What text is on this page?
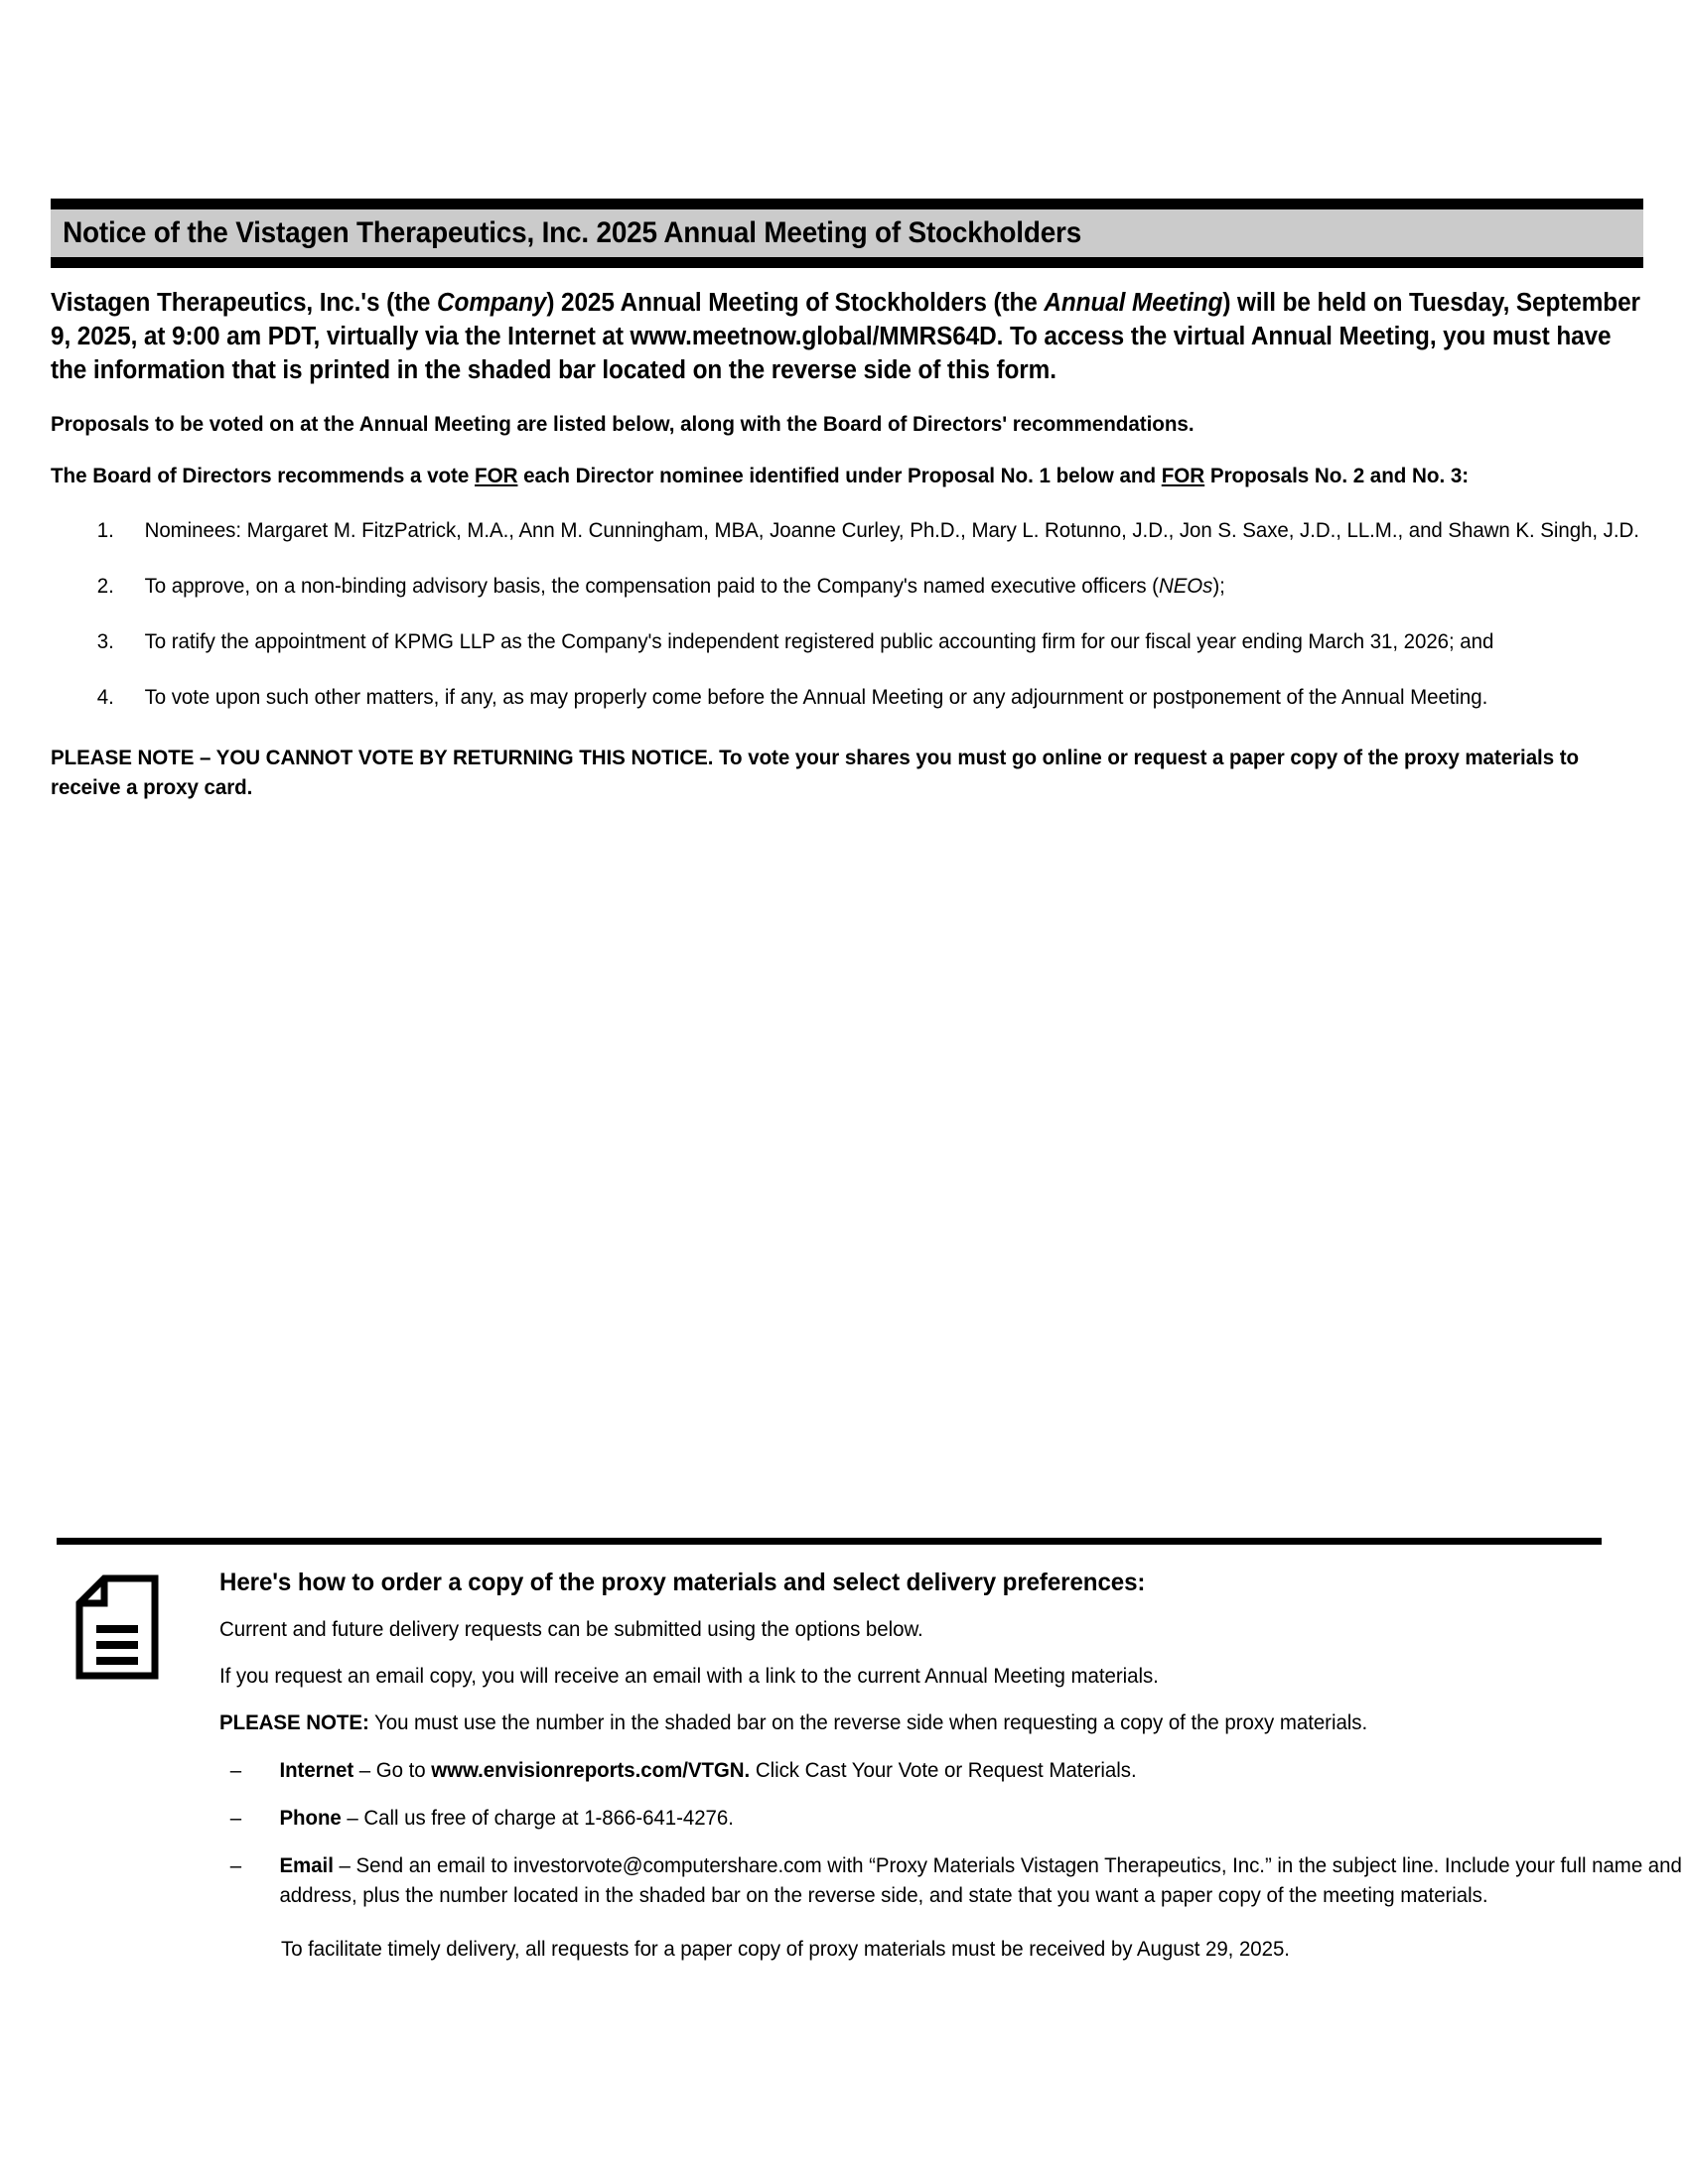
Notice of the Vistagen Therapeutics, Inc. 2025 Annual Meeting of Stockholders

Vistagen Therapeutics, Inc.'s (the Company) 2025 Annual Meeting of Stockholders (the Annual Meeting) will be held on Tuesday, September 9, 2025, at 9:00 am PDT, virtually via the Internet at www.meetnow.global/MMRS64D. To access the virtual Annual Meeting, you must have the information that is printed in the shaded bar located on the reverse side of this form.

Proposals to be voted on at the Annual Meeting are listed below, along with the Board of Directors' recommendations.

The Board of Directors recommends a vote FOR each Director nominee identified under Proposal No. 1 below and FOR Proposals No. 2 and No. 3:

1.	Nominees: Margaret M. FitzPatrick, M.A., Ann M. Cunningham, MBA, Joanne Curley, Ph.D., Mary L. Rotunno, J.D., Jon S. Saxe, J.D., LL.M., and Shawn K. Singh, J.D.
2.	To approve, on a non-binding advisory basis, the compensation paid to the Company's named executive officers (NEOs);
3.	To ratify the appointment of KPMG LLP as the Company's independent registered public accounting firm for our fiscal year ending March 31, 2026; and
4.	To vote upon such other matters, if any, as may properly come before the Annual Meeting or any adjournment or postponement of the Annual Meeting.

PLEASE NOTE – YOU CANNOT VOTE BY RETURNING THIS NOTICE. To vote your shares you must go online or request a paper copy of the proxy materials to receive a proxy card.

Here's how to order a copy of the proxy materials and select delivery preferences:
Current and future delivery requests can be submitted using the options below.
If you request an email copy, you will receive an email with a link to the current Annual Meeting materials.
PLEASE NOTE: You must use the number in the shaded bar on the reverse side when requesting a copy of the proxy materials.
– Internet – Go to www.envisionreports.com/VTGN. Click Cast Your Vote or Request Materials.
– Phone – Call us free of charge at 1-866-641-4276.
– Email – Send an email to investorvote@computershare.com with “Proxy Materials Vistagen Therapeutics, Inc.” in the subject line. Include your full name and address, plus the number located in the shaded bar on the reverse side, and state that you want a paper copy of the meeting materials.
To facilitate timely delivery, all requests for a paper copy of proxy materials must be received by August 29, 2025.
